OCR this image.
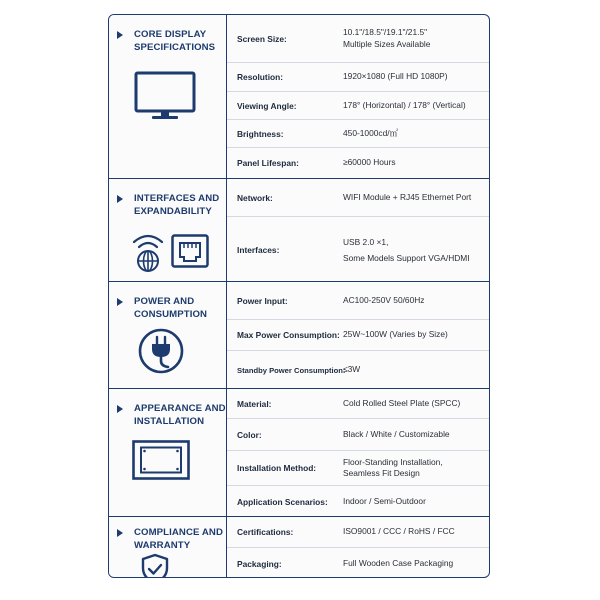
CORE DISPLAY
SPECIFICATIONS
Screen Size:
10.1"/18.5"/19.1"/21.5"
Multiple Sizes Available
Resolution:	1920×1080 (Full HD 1080P)
Viewing Angle:	178° (Horizontal) / 178° (Vertical)
Brightness:	450-1000cd/㎡
Panel Lifespan:	≥60000 Hours
INTERFACES AND
EXPANDABILITY
Network:	WIFI Module + RJ45 Ethernet Port
Interfaces:
USB 2.0 ×1,
Some Models Support VGA/HDMI
POWER AND
CONSUMPTION
Power Input:	AC100-250V 50/60Hz
Max Power Consumption: 25W~100W (Varies by Size)
Standby Power Consumption:
≤3W
APPEARANCE AND
INSTALLATION
Material:	Cold Rolled Steel Plate (SPCC)
Color:	Black / White / Customizable
Installation Method:
Floor-Standing Installation,
Seamless Fit Design
Application Scenarios:	Indoor / Semi-Outdoor
COMPLIANCE AND
WARRANTY
Certifications:	ISO9001 / CCC / RoHS / FCC
Packaging:	Full Wooden Case Packaging
